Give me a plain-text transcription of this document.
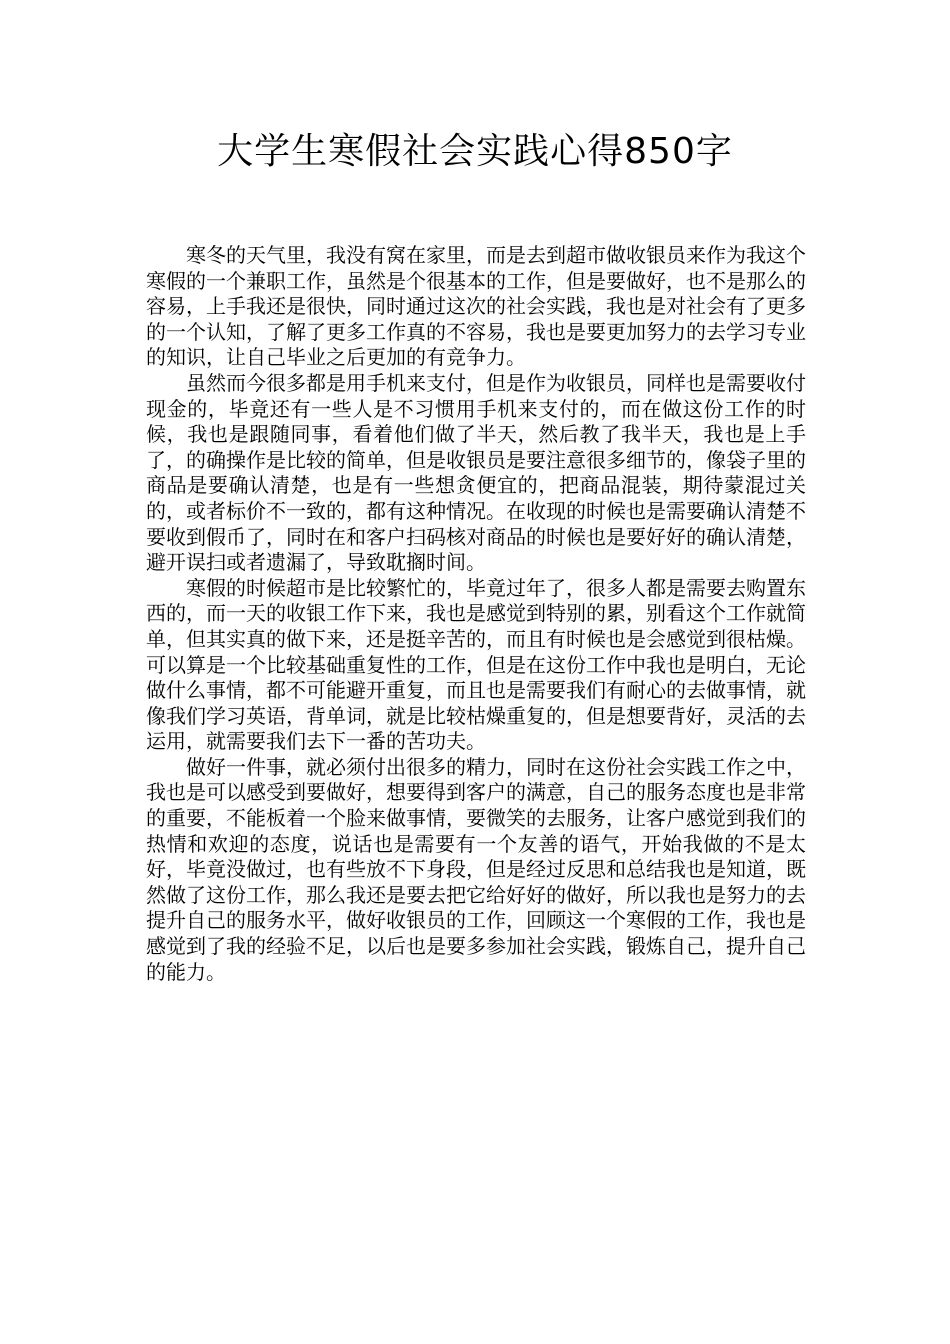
大学生寒假社会实践心得850字

寒冬的天气里，我没有窝在家里，而是去到超市做收银员来作为我这个寒假的一个兼职工作，虽然是个很基本的工作，但是要做好，也不是那么的容易，上手我还是很快，同时通过这次的社会实践，我也是对社会有了更多的一个认知，了解了更多工作真的不容易，我也是要更加努力的去学习专业的知识，让自己毕业之后更加的有竞争力。

虽然而今很多都是用手机来支付，但是作为收银员，同样也是需要收付现金的，毕竟还有一些人是不习惯用手机来支付的，而在做这份工作的时候，我也是跟随同事，看着他们做了半天，然后教了我半天，我也是上手了，的确操作是比较的简单，但是收银员是要注意很多细节的，像袋子里的商品是要确认清楚，也是有一些想贪便宜的，把商品混装，期待蒙混过关的，或者标价不一致的，都有这种情况。在收现的时候也是需要确认清楚不要收到假币了，同时在和客户扫码核对商品的时候也是要好好的确认清楚，避开误扫或者遗漏了，导致耽搁时间。

寒假的时候超市是比较繁忙的，毕竟过年了，很多人都是需要去购置东西的，而一天的收银工作下来，我也是感觉到特别的累，别看这个工作就简单，但其实真的做下来，还是挺辛苦的，而且有时候也是会感觉到很枯燥。可以算是一个比较基础重复性的工作，但是在这份工作中我也是明白，无论做什么事情，都不可能避开重复，而且也是需要我们有耐心的去做事情，就像我们学习英语，背单词，就是比较枯燥重复的，但是想要背好，灵活的去运用，就需要我们去下一番的苦功夫。

做好一件事，就必须付出很多的精力，同时在这份社会实践工作之中，我也是可以感受到要做好，想要得到客户的满意，自己的服务态度也是非常的重要，不能板着一个脸来做事情，要微笑的去服务，让客户感觉到我们的热情和欢迎的态度，说话也是需要有一个友善的语气，开始我做的不是太好，毕竟没做过，也有些放不下身段，但是经过反思和总结我也是知道，既然做了这份工作，那么我还是要去把它给好好的做好，所以我也是努力的去提升自己的服务水平，做好收银员的工作，回顾这一个寒假的工作，我也是感觉到了我的经验不足，以后也是要多参加社会实践，锻炼自己，提升自己的能力。
